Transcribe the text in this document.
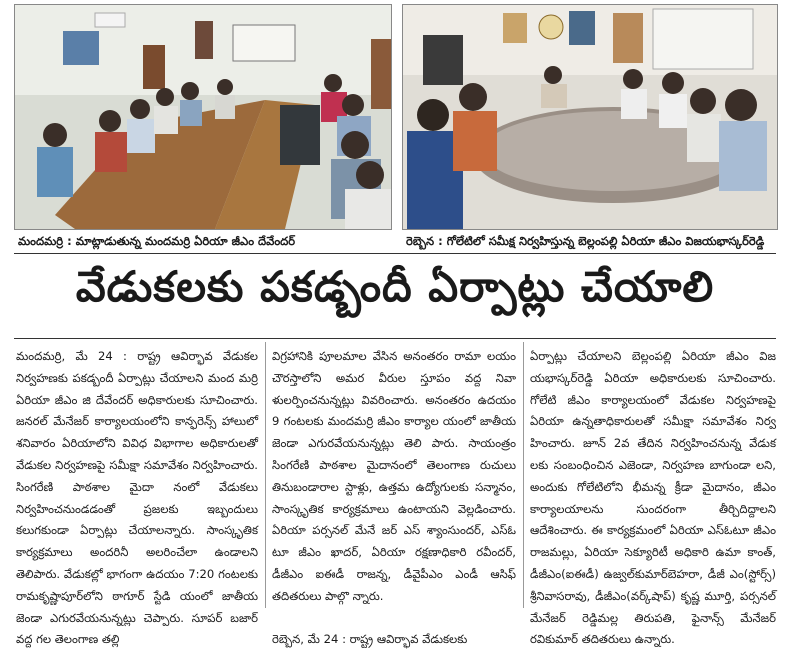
మందమర్రి : మాట్లాడుతున్న మందమర్రి ఏరియా జీఎం దేవేందర్	రెబ్బెన : గోలేటిలో సమీక్ష నిర్వహిస్తున్న బెల్లంపల్లి ఏరియా జీఎం విజయభాస్కర్‌రెడ్డి
వేడుకలకు పకడ్బందీ ఏర్పాట్లు చేయాలి

మందమర్రి, మే 24 : రాష్ట్ర ఆవిర్భావ వేడుకల నిర్వహణకు పకడ్బందీ ఏర్పాట్లు చేయాలని మంద మర్రి ఏరియా జీఎం జి దేవేందర్ అధికారులకు సూచించారు. జనరల్ మేనేజర్ కార్యాలయంలోని కాన్ఫరెన్స్ హాలులో శనివారం ఏరియాలోని వివిధ విభాగాల అధికారులతో వేడుకల నిర్వహణపై సమీక్షా సమావేశం నిర్వహించారు. సింగరేణి పాఠశాల మైదా నంలో వేడుకలు నిర్వహించనుండడంతో ప్రజలకు ఇబ్బందులు కలుగకుండా ఏర్పాట్లు చేయాలన్నారు. సాంస్కృతిక కార్యక్రమాలు అందరినీ అలరించేలా ఉండాలని తెలిపారు. వేడుకల్లో భాగంగా ఉదయం 7:20 గంటలకు రామకృష్ణాపూర్‌లోని ఠాగూర్ స్టేడి యంలో జాతీయ జెండా ఎగురవేయనున్నట్లు చెప్పారు. సూపర్ బజార్ వద్ద గల తెలంగాణ తల్లి

విగ్రహానికి పూలమాల వేసిన అనంతరం రామా లయం చౌరస్తాలోని అమర వీరుల స్తూపం వద్ద నివా ళులర్పించనున్నట్లు వివరించారు. అనంతరం ఉదయం 9 గంటలకు మందమర్రి జీఎం కార్యాల యంలో జాతీయ జెండా ఎగురవేయనున్నట్లు తెలి పారు. సాయంత్రం సింగరేణి పాఠశాల మైదానంలో తెలంగాణ రుచులు తినుబండారాల స్టాళ్లు, ఉత్తమ ఉద్యోగులకు సన్మానం, సాంస్కృతిక కార్యక్రమాలు ఉంటాయని వెల్లడించారు. ఏరియా పర్సనల్ మేనే జర్ ఎస్ శ్యాంసుందర్, ఎస్ఓ టూ జీఎం ఖాదర్, ఏరియా రక్షణాధికారి రవీందర్, డీజీఎం ఐఈడీ రాజన్న, డీవైపీఎం ఎండీ ఆసిఫ్ తదితరులు పాల్గొ న్నారు.

రెబ్బెన, మే 24 : రాష్ట్ర ఆవిర్భావ వేడుకలకు

ఏర్పాట్లు చేయాలని బెల్లంపల్లి ఏరియా జీఎం విజ యభాస్కర్‌రెడ్డి ఏరియా అధికారులకు సూచించారు. గోలేటి జీఎం కార్యాలయంలో వేడుకల నిర్వహణపై ఏరియా ఉన్నతాధికారులతో సమీక్షా సమావేశం నిర్వ హించారు. జూన్ 2వ తేదిన నిర్వహించనున్న వేడుక లకు సంబంధించిన ఎజెండా, నిర్వహణ బాగుండా లని, అందుకు గోలేటిలోని భీమన్న క్రీడా మైదానం, జీఎం కార్యాలయాలను సుందరంగా తీర్చిదిద్దాలని ఆదేశించారు. ఈ కార్యక్రమంలో ఏరియా ఎస్ఓటూ జీఎం రాజమల్లు, ఏరియా సెక్యూరిటీ అధికారి ఉమా కాంత్, డీజీఎం(ఐఈడీ) ఉజ్వల్‌కుమార్‌బెహరా, డీజీ ఎం(స్టోర్స్) శ్రీనివాసరావు, డీజీఎం(వర్క్‌షాప్) కృష్ణ మూర్తి, పర్సనల్ మేనేజర్ రెడ్డిమల్ల తిరుపతి, ఫైనాన్స్ మేనేజర్ రవికుమార్ తదితరులు ఉన్నారు.
